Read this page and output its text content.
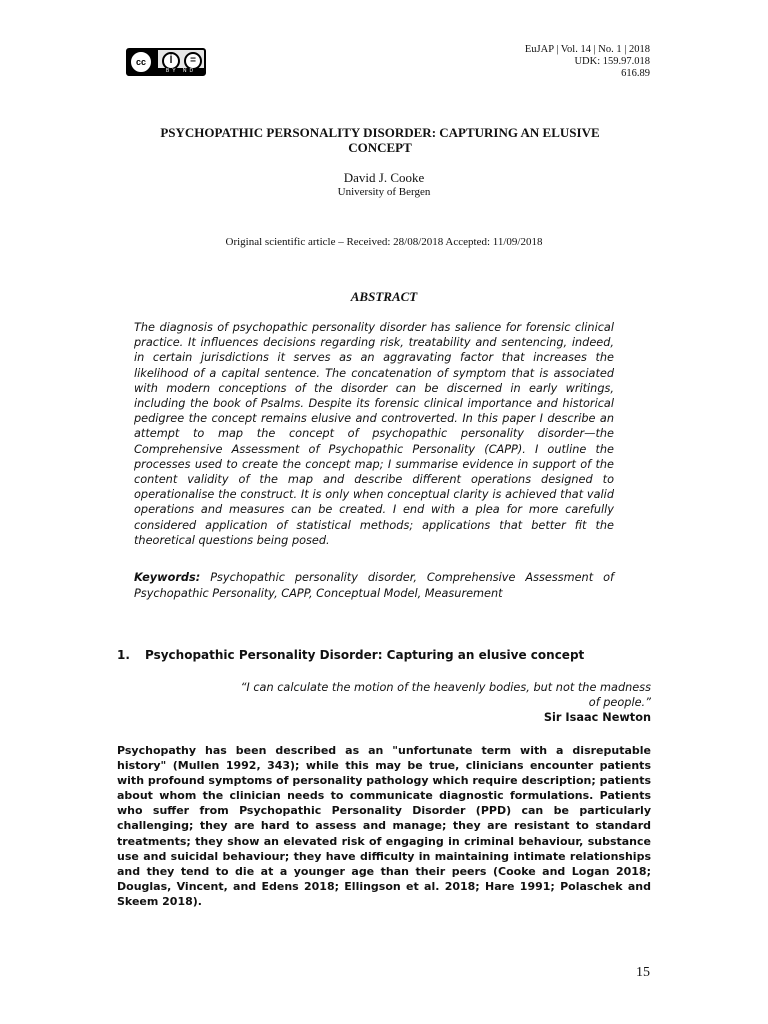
cc	İ	=
BY ND
EuJAP | Vol. 14 | No. 1 | 2018
UDK: 159.97.018
616.89
PSYCHOPATHIC PERSONALITY DISORDER: CAPTURING AN ELUSIVE CONCEPT
David J. Cooke
University of Bergen
Original scientific article – Received: 28/08/2018 Accepted: 11/09/2018
ABSTRACT
The diagnosis of psychopathic personality disorder has salience for forensic clinical practice. It influences decisions regarding risk, treatability and sentencing, indeed, in certain jurisdictions it serves as an aggravating factor that increases the likelihood of a capital sentence. The concatenation of symptom that is associated with modern conceptions of the disorder can be discerned in early writings, including the book of Psalms. Despite its forensic clinical importance and historical pedigree the concept remains elusive and controverted. In this paper I describe an attempt to map the concept of psychopathic personality disorder—the Comprehensive Assessment of Psychopathic Personality (CAPP). I outline the processes used to create the concept map; I summarise evidence in support of the content validity of the map and describe different operations designed to operationalise the construct. It is only when conceptual clarity is achieved that valid operations and measures can be created. I end with a plea for more carefully considered application of statistical methods; applications that better fit the theoretical questions being posed.
Keywords: Psychopathic personality disorder, Comprehensive Assessment of Psychopathic Personality, CAPP, Conceptual Model, Measurement
1. Psychopathic Personality Disorder: Capturing an elusive concept
“I can calculate the motion of the heavenly bodies, but not the madness of people.”
Sir Isaac Newton
Psychopathy has been described as an "unfortunate term with a disreputable history" (Mullen 1992, 343); while this may be true, clinicians encounter patients with profound symptoms of personality pathology which require description; patients about whom the clinician needs to communicate diagnostic formulations. Patients who suffer from Psychopathic Personality Disorder (PPD) can be particularly challenging; they are hard to assess and manage; they are resistant to standard treatments; they show an elevated risk of engaging in criminal behaviour, substance use and suicidal behaviour; they have difficulty in maintaining intimate relationships and they tend to die at a younger age than their peers (Cooke and Logan 2018; Douglas, Vincent, and Edens 2018; Ellingson et al. 2018; Hare 1991; Polaschek and Skeem 2018).
15
